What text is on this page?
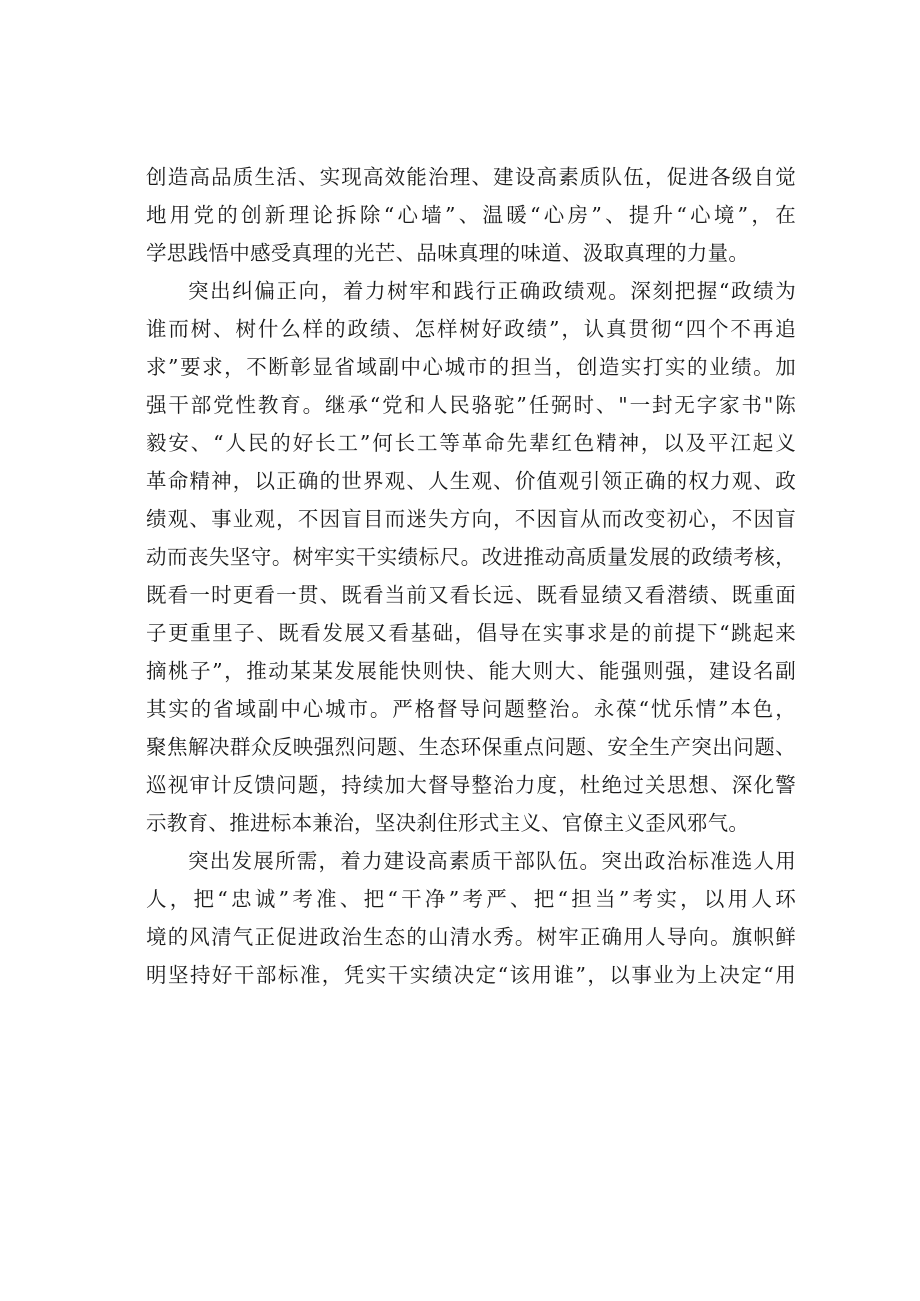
创造高品质生活、实现高效能治理、建设高素质队伍，促进各级自觉
地用党的创新理论拆除“心墙”、温暖“心房”、提升“心境”，在
学思践悟中感受真理的光芒、品味真理的味道、汲取真理的力量。
突出纠偏正向，着力树牢和践行正确政绩观。深刻把握“政绩为
谁而树、树什么样的政绩、怎样树好政绩”，认真贯彻“四个不再追
求”要求，不断彰显省域副中心城市的担当，创造实打实的业绩。加
强干部党性教育。继承“党和人民骆驼”任弼时、"一封无字家书"陈
毅安、“人民的好长工”何长工等革命先辈红色精神，以及平江起义
革命精神，以正确的世界观、人生观、价值观引领正确的权力观、政
绩观、事业观，不因盲目而迷失方向，不因盲从而改变初心，不因盲
动而丧失坚守。树牢实干实绩标尺。改进推动高质量发展的政绩考核，
既看一时更看一贯、既看当前又看长远、既看显绩又看潜绩、既重面
子更重里子、既看发展又看基础，倡导在实事求是的前提下“跳起来
摘桃子”，推动某某发展能快则快、能大则大、能强则强，建设名副
其实的省域副中心城市。严格督导问题整治。永葆“忧乐情”本色，
聚焦解决群众反映强烈问题、生态环保重点问题、安全生产突出问题、
巡视审计反馈问题，持续加大督导整治力度，杜绝过关思想、深化警
示教育、推进标本兼治，坚决刹住形式主义、官僚主义歪风邪气。
突出发展所需，着力建设高素质干部队伍。突出政治标准选人用
人，把“忠诚”考准、把“干净”考严、把“担当”考实，以用人环
境的风清气正促进政治生态的山清水秀。树牢正确用人导向。旗帜鲜
明坚持好干部标准，凭实干实绩决定“该用谁”，以事业为上决定“用
